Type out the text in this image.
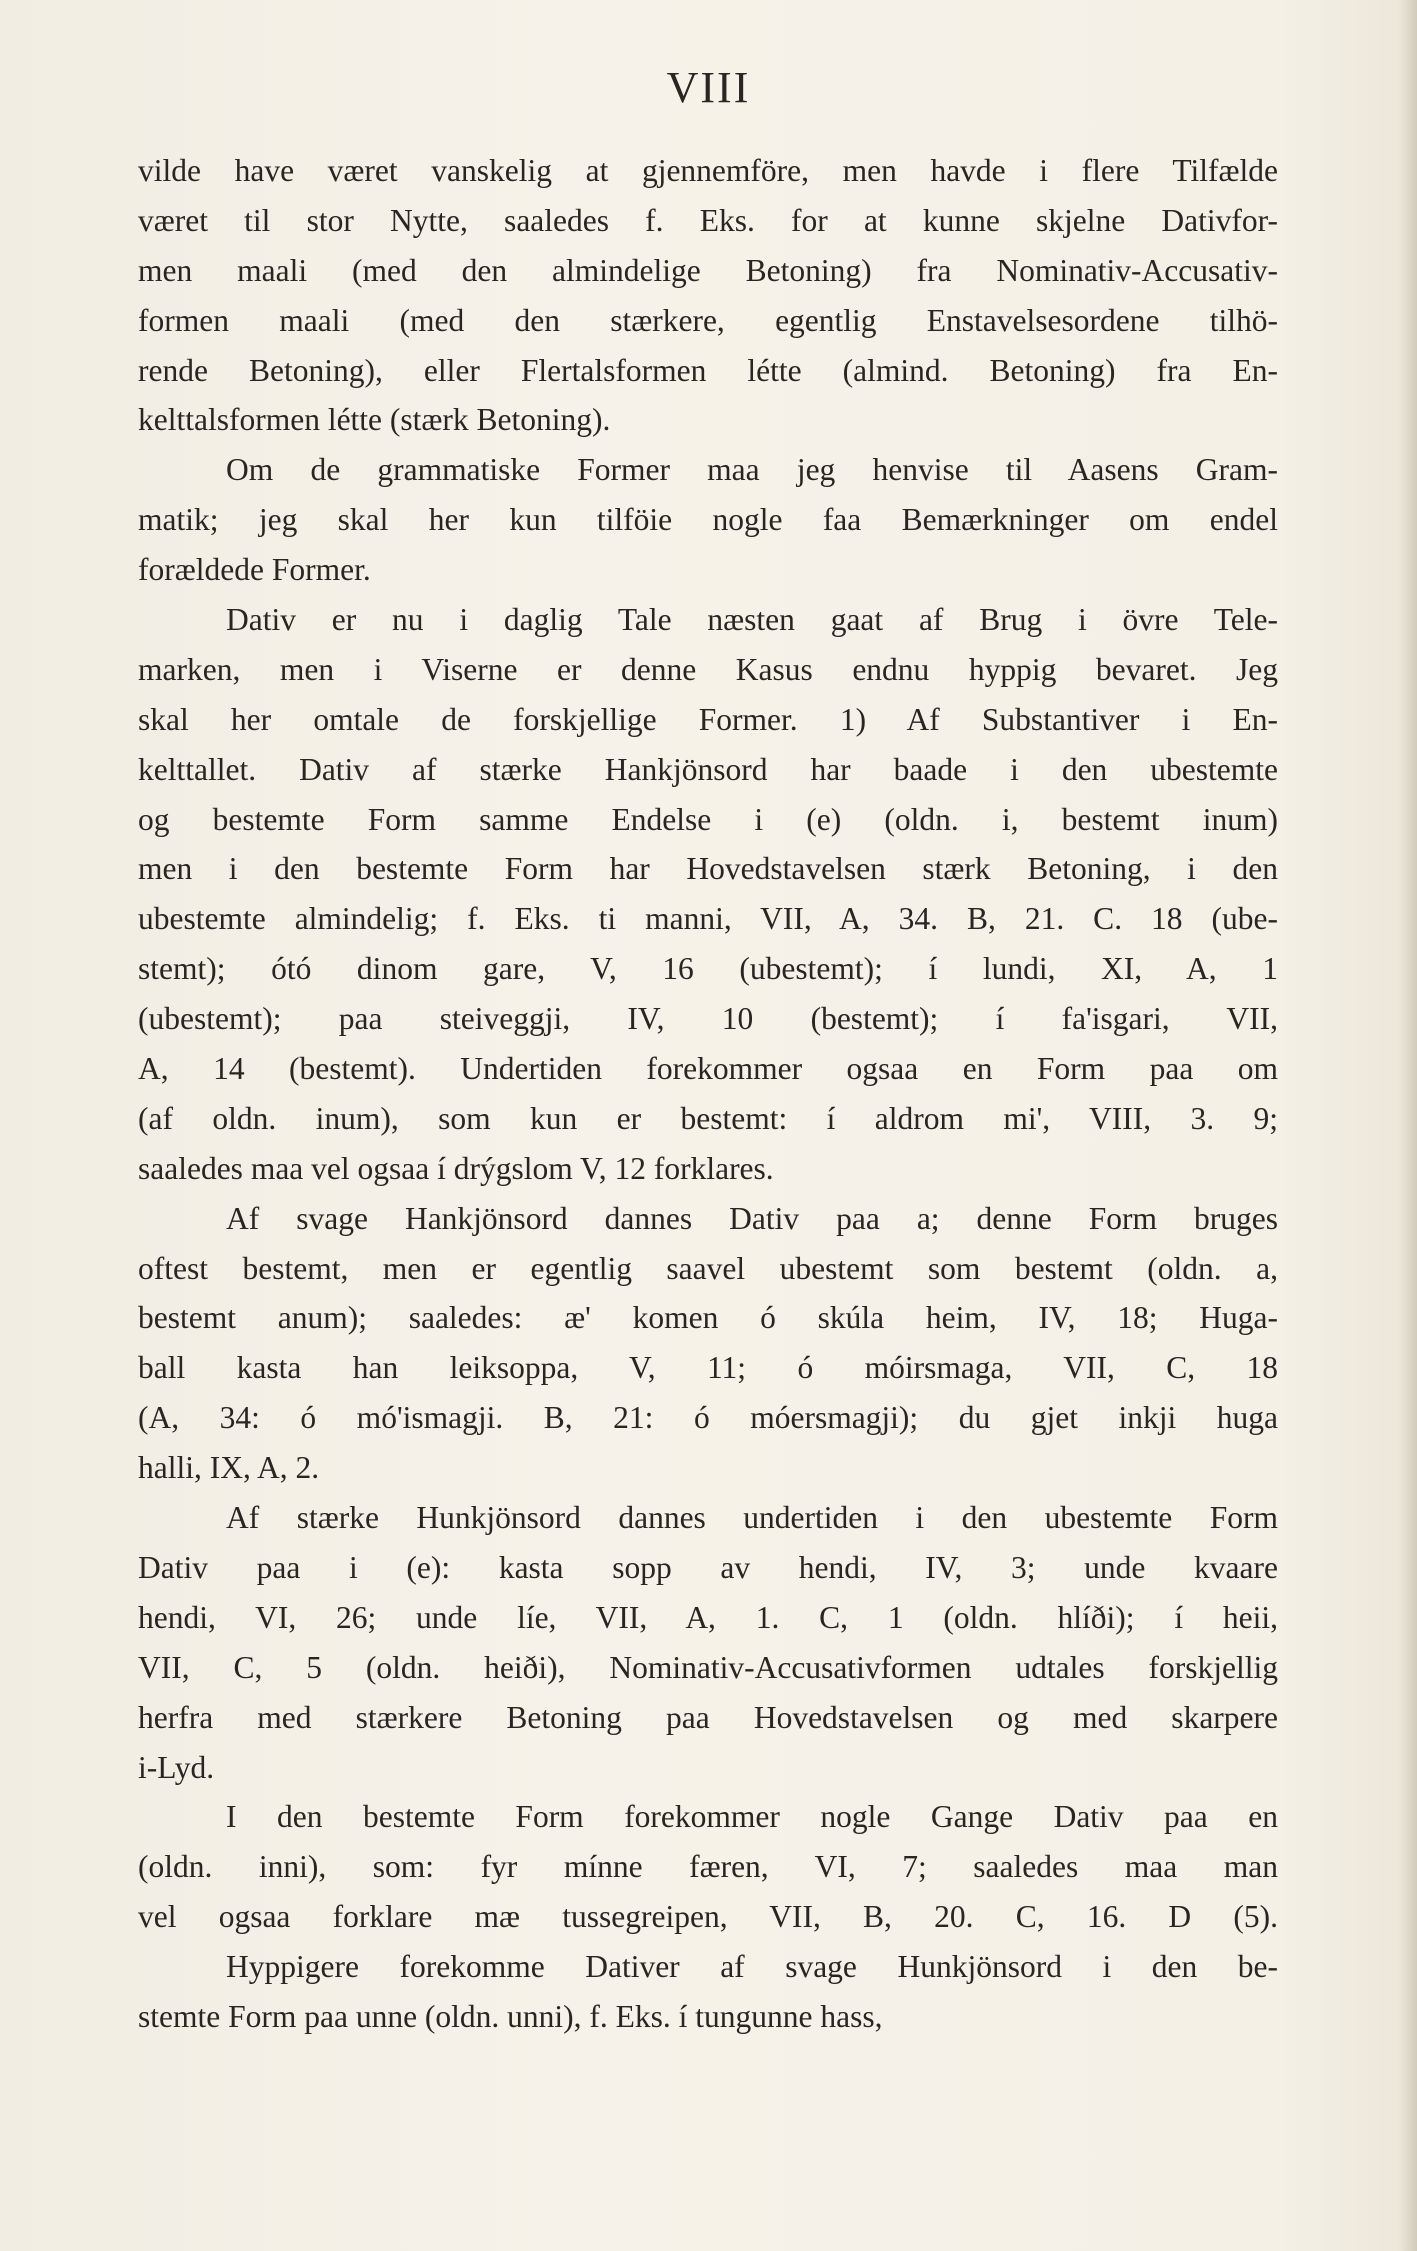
VIII
vilde have været vanskelig at gjennemföre, men havde i flere Tilfælde
været til stor Nytte, saaledes f. Eks. for at kunne skjelne Dativfor-
men maali (med den almindelige Betoning) fra Nominativ-Accusativ-
formen maali (med den stærkere, egentlig Enstavelsesordene tilhö-
rende Betoning), eller Flertalsformen létte (almind. Betoning) fra En-
kelttalsformen létte (stærk Betoning).
Om de grammatiske Former maa jeg henvise til Aasens Gram-
matik; jeg skal her kun tilföie nogle faa Bemærkninger om endel
forældede Former.
Dativ er nu i daglig Tale næsten gaat af Brug i övre Tele-
marken, men i Viserne er denne Kasus endnu hyppig bevaret. Jeg
skal her omtale de forskjellige Former. 1) Af Substantiver i En-
kelttallet. Dativ af stærke Hankjönsord har baade i den ubestemte
og bestemte Form samme Endelse i (e) (oldn. i, bestemt inum)
men i den bestemte Form har Hovedstavelsen stærk Betoning, i den
ubestemte almindelig; f. Eks. ti manni, VII, A, 34. B, 21. C. 18 (ube-
stemt); ótó dinom gare, V, 16 (ubestemt); í lundi, XI, A, 1
(ubestemt); paa steiveggji, IV, 10 (bestemt); í fa'isgari, VII,
A, 14 (bestemt). Undertiden forekommer ogsaa en Form paa om
(af oldn. inum), som kun er bestemt: í aldrom mi', VIII, 3. 9;
saaledes maa vel ogsaa í drýgslom V, 12 forklares.
Af svage Hankjönsord dannes Dativ paa a; denne Form bruges
oftest bestemt, men er egentlig saavel ubestemt som bestemt (oldn. a,
bestemt anum); saaledes: æ' komen ó skúla heim, IV, 18; Huga-
ball kasta han leiksoppa, V, 11; ó móirsmaga, VII, C, 18
(A, 34: ó mó'ismagji. B, 21: ó móersmagji); du gjet inkji huga
halli, IX, A, 2.
Af stærke Hunkjönsord dannes undertiden i den ubestemte Form
Dativ paa i (e): kasta sopp av hendi, IV, 3; unde kvaare
hendi, VI, 26; unde líe, VII, A, 1. C, 1 (oldn. hlíði); í heii,
VII, C, 5 (oldn. heiði), Nominativ-Accusativformen udtales forskjellig
herfra med stærkere Betoning paa Hovedstavelsen og med skarpere
i-Lyd.
I den bestemte Form forekommer nogle Gange Dativ paa en
(oldn. inni), som: fyr mínne færen, VI, 7; saaledes maa man
vel ogsaa forklare mæ tussegreipen, VII, B, 20. C, 16. D (5).
Hyppigere forekomme Dativer af svage Hunkjönsord i den be-
stemte Form paa unne (oldn. unni), f. Eks. í tungunne hass,
